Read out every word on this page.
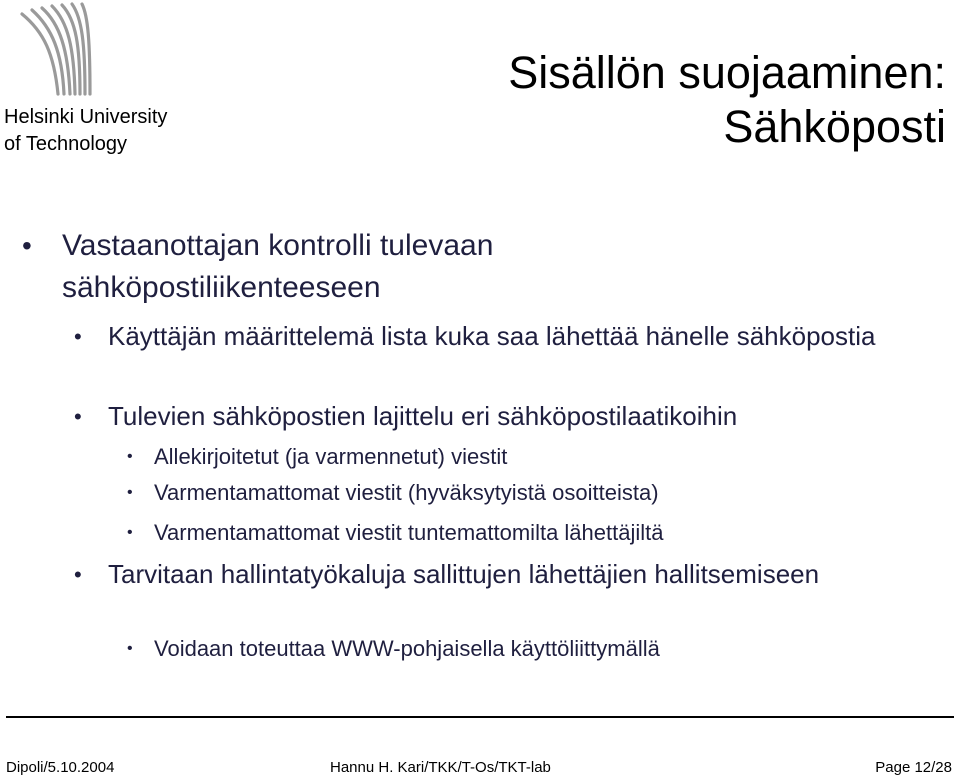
Helsinki University
of Technology
Sisällön suojaaminen:
Sähköposti
• Vastaanottajan kontrolli tulevaan sähköpostiliikenteeseen
• Käyttäjän määrittelemä lista kuka saa lähettää hänelle sähköpostia
• Tulevien sähköpostien lajittelu eri sähköpostilaatikoihin
• Allekirjoitetut (ja varmennetut) viestit
• Varmentamattomat viestit (hyväksytyistä osoitteista)
• Varmentamattomat viestit tuntemattomilta lähettäjiltä
• Tarvitaan hallintatyökaluja sallittujen lähettäjien hallitsemiseen
• Voidaan toteuttaa WWW-pohjaisella käyttöliittymällä
Dipoli/5.10.2004	Hannu H. Kari/TKK/T-Os/TKT-lab	Page 12/28
